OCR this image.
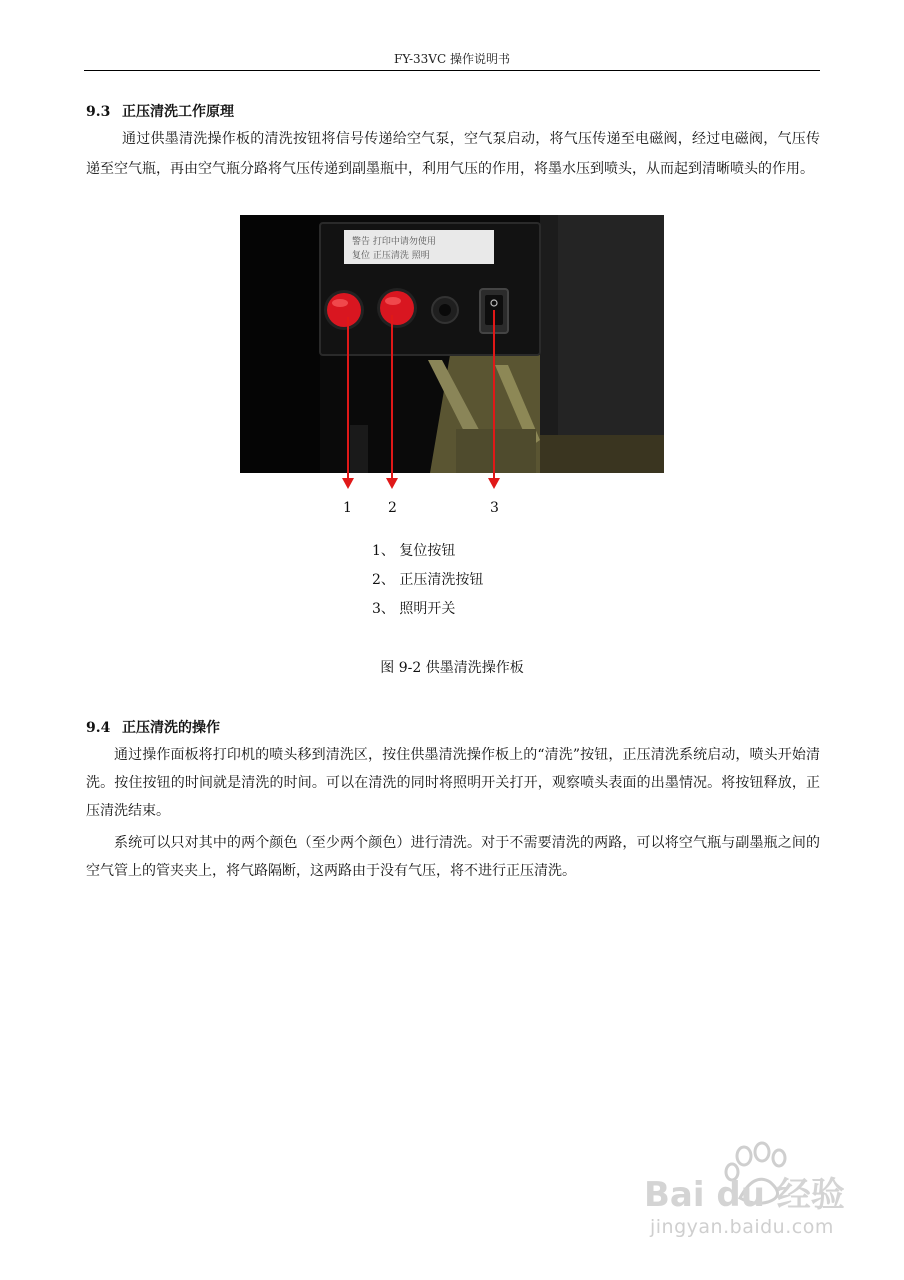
FY-33VC 操作说明书
9.3 正压清洗工作原理
通过供墨清洗操作板的清洗按钮将信号传递给空气泵，空气泵启动，将气压传递至电磁阀，经过电磁阀，气压传递至空气瓶，再由空气瓶分路将气压传递到副墨瓶中，利用气压的作用，将墨水压到喷头，从而起到清晰喷头的作用。
警告 打印中请勿使用
复位 正压清洗 照明
1	2	3
1、 复位按钮
2、 正压清洗按钮
3、 照明开关
图 9-2 供墨清洗操作板
9.4 正压清洗的操作
通过操作面板将打印机的喷头移到清洗区，按住供墨清洗操作板上的“清洗”按钮，正压清洗系统启动，喷头开始清洗。按住按钮的时间就是清洗的时间。可以在清洗的同时将照明开关打开，观察喷头表面的出墨情况。将按钮释放，正压清洗结束。
系统可以只对其中的两个颜色（至少两个颜色）进行清洗。对于不需要清洗的两路，可以将空气瓶与副墨瓶之间的空气管上的管夹夹上，将气路隔断，这两路由于没有气压，将不进行正压清洗。
Bai du 经验
jingyan.baidu.com
